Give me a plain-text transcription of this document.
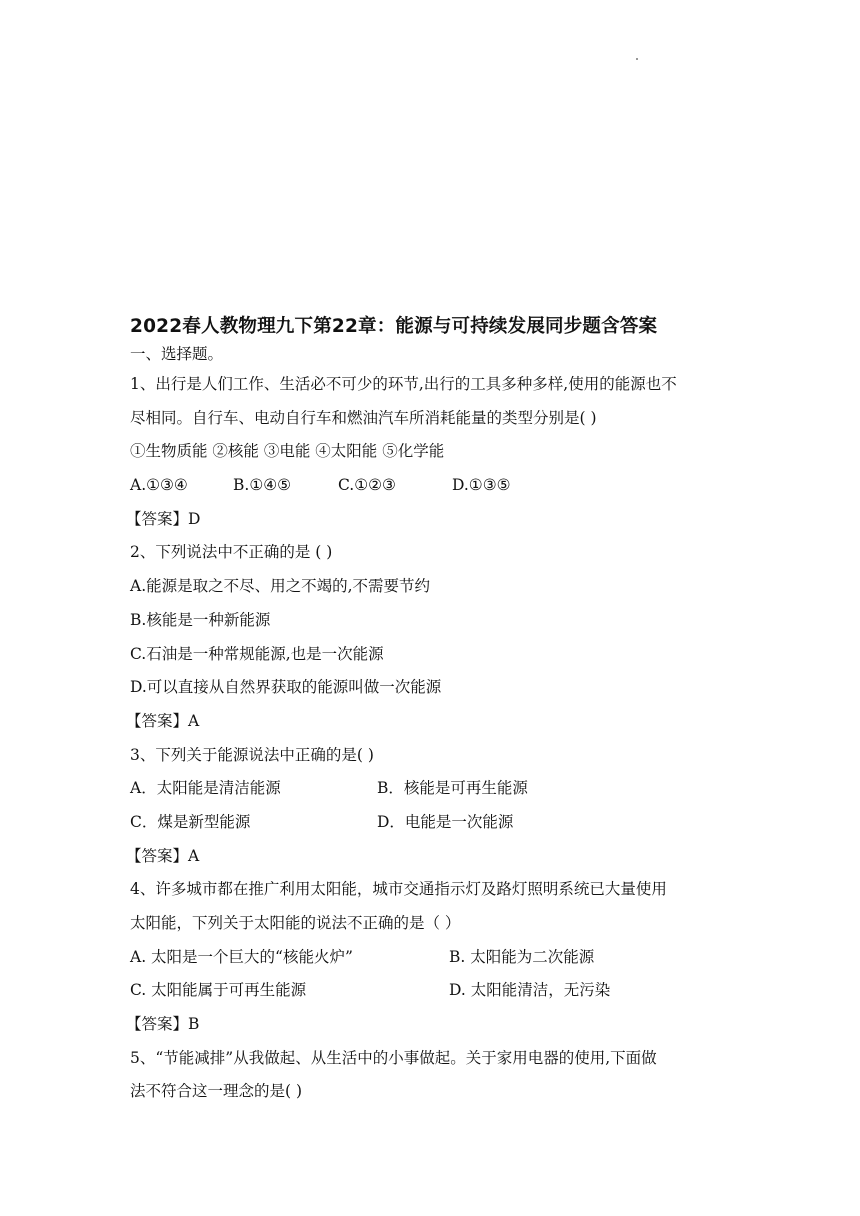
2022春人教物理九下第22章：能源与可持续发展同步题含答案
一、选择题。
1、出行是人们工作、生活必不可少的环节,出行的工具多种多样,使用的能源也不
尽相同。自行车、电动自行车和燃油汽车所消耗能量的类型分别是( )
①生物质能 ②核能 ③电能 ④太阳能 ⑤化学能
A.①③④	B.①④⑤	C.①②③	D.①③⑤
【答案】D
2、下列说法中不正确的是 ( )
A.能源是取之不尽、用之不竭的,不需要节约
B.核能是一种新能源
C.石油是一种常规能源,也是一次能源
D.可以直接从自然界获取的能源叫做一次能源
【答案】A
3、下列关于能源说法中正确的是( )
A．太阳能是清洁能源	B．核能是可再生能源
C．煤是新型能源	D．电能是一次能源
【答案】A
4、许多城市都在推广利用太阳能，城市交通指示灯及路灯照明系统已大量使用
太阳能，下列关于太阳能的说法不正确的是（ ）
A. 太阳是一个巨大的“核能火炉”	B. 太阳能为二次能源
C. 太阳能属于可再生能源	D. 太阳能清洁，无污染
【答案】B
5、“节能减排”从我做起、从生活中的小事做起。关于家用电器的使用,下面做
法不符合这一理念的是( )
